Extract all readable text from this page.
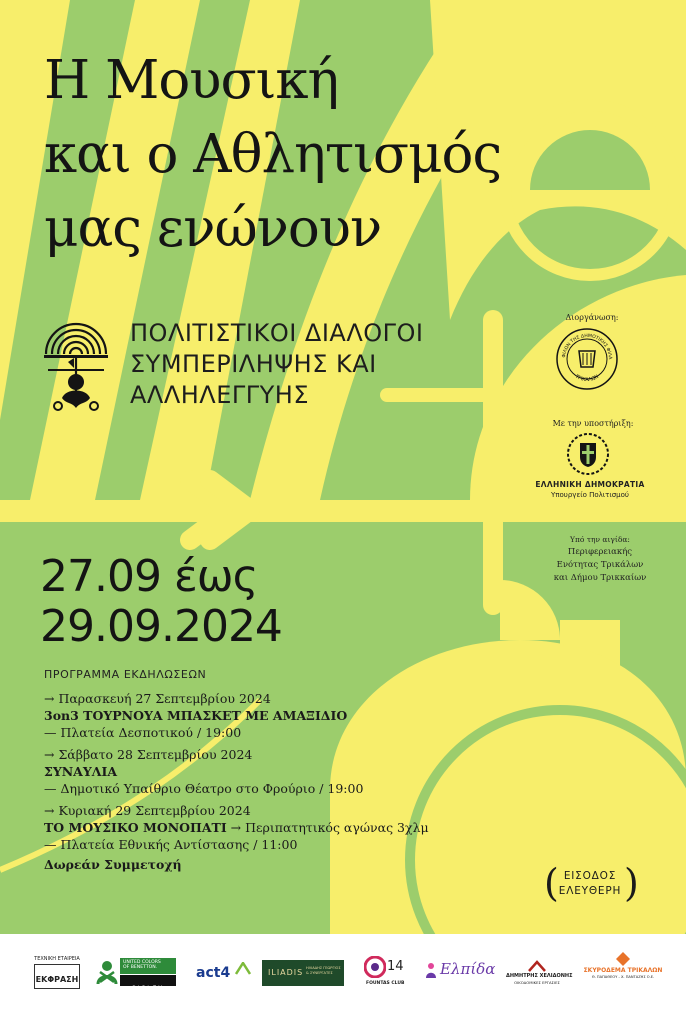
Η Μουσική
και ο Αθλητισμός
μας ενώνουν
ΠΟΛΙΤΙΣΤΙΚΟΙ ΔΙΑΛΟΓΟΙ
ΣΥΜΠΕΡΙΛΗΨΗΣ ΚΑΙ
ΑΛΛΗΛΕΓΓΥΗΣ
Διοργάνωση:
ΦΙΛΩΝ ΤΗΣ ΔΗΜΟΤΙΚΗΣ ΦΙΛΑ
ΤΡΙΚΑΛΩΝ
Με την υποστήριξη:
ΕΛΛΗΝΙΚΗ ΔΗΜΟΚΡΑΤΙΑ
Υπουργείο Πολιτισμού
Υπό την αιγίδα:
Περιφερειακής
Ενότητας Τρικάλων
και Δήμου Τρικκαίων
27.09 έως
29.09.2024
ΠΡΟΓΡΑΜΜΑ ΕΚΔΗΛΩΣΕΩΝ
→ Παρασκευή 27 Σεπτεμβρίου 2024
3on3 ΤΟΥΡΝΟΥΑ ΜΠΑΣΚΕΤ ΜΕ ΑΜΑΞΙΔΙΟ
— Πλατεία Δεσποτικού / 19:00
→ Σάββατο 28 Σεπτεμβρίου 2024
ΣΥΝΑΥΛΙΑ
— Δημοτικό Υπαίθριο Θέατρο στο Φρούριο / 19:00
→ Κυριακή 29 Σεπτεμβρίου 2024
ΤΟ ΜΟΥΣΙΚΟ ΜΟΝΟΠΑΤΙ → Περιπατητικός αγώνας 3χλμ
— Πλατεία Εθνικής Αντίστασης / 11:00
Δωρεάν Συμμετοχή	( ΕΙΣΟΔΟΣ
ΕΛΕΥΘΕΡΗ )
ΤΕΧΝΙΚΗ ΕΤΑΙΡΕΙΑ
ΕΚΦΡΑΣΗ
UNITED COLORS
OF BENETTON.
SISLEY
act4	ILIADIS ΗΛΙΑΔΗΣ ΓΕΩΡΓΙΟΣ & ΣΥΝΕΡΓΑΤΕΣ	14
FOUNTAS CLUB
Ελπίδα ΔΗΜΗΤΡΗΣ ΧΕΛΙΔΟΝΗΣ
ΟΙΚΟΔΟΜΙΚΕΣ ΕΡΓΑΣΙΕΣ
ΣΚΥΡΟΔΕΜΑ ΤΡΙΚΑΛΩΝ
Θ. ΠΑΠΑΘΕΟΥ - Χ. ΠΑΝΤΑΖΗΣ Ο.Ε.
